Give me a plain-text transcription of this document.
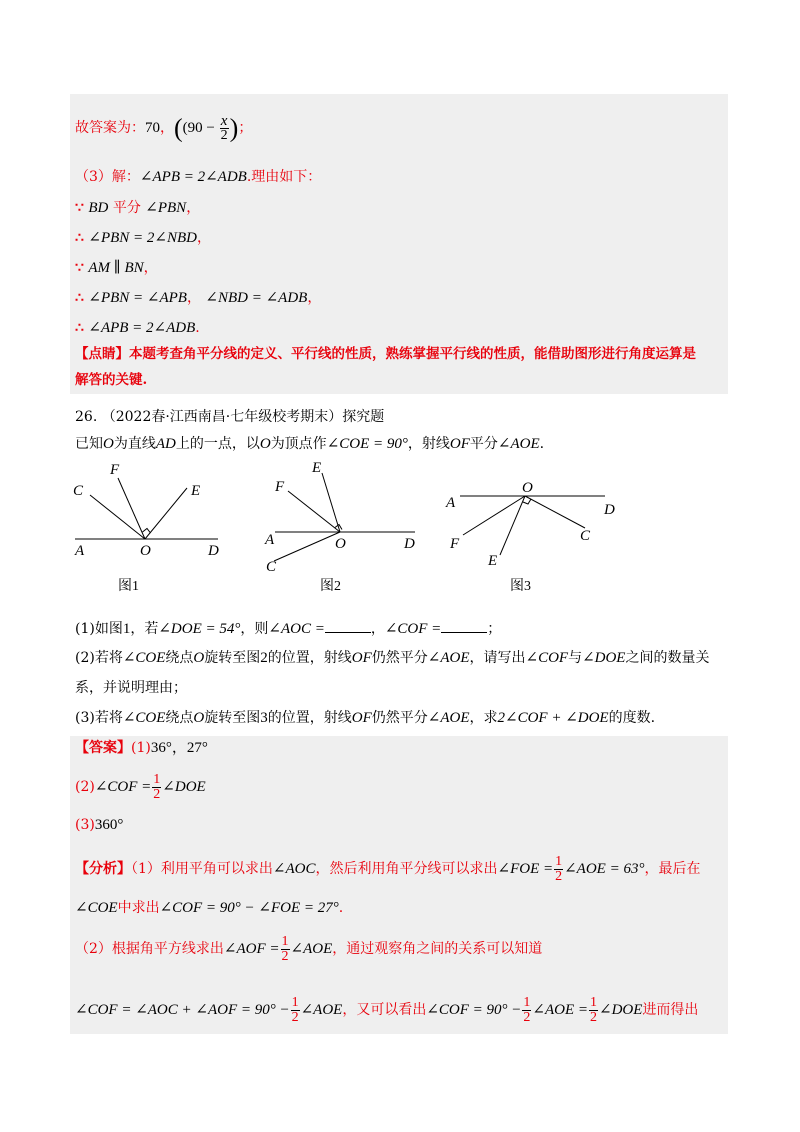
故答案为：70，(($90 - \frac{x}{2}$ )；
（3）解：∠APB = 2∠ADB.理由如下：
∵ BD 平分 ∠PBN，
∴ ∠PBN = 2∠NBD，
∵ AM ∥ BN，
∴ ∠PBN = ∠APB， ∠NBD = ∠ADB，
∴ ∠APB = 2∠ADB.
【点睛】本题考查角平分线的定义、平行线的性质，熟练掌握平行线的性质，能借助图形进行角度运算是
解答的关键.
26. （2022春·江西南昌·七年级校考期末）探究题
已知O为直线AD上的一点，以O为顶点作∠COE = 90°，射线OF平分∠AOE.
C
F
E
A	O	D
E
F
A	O	D
C
A
O
D
F
E
C
图1	图2	图3
(1)如图1，若∠DOE = 54°，则∠AOC =	，∠COF =	；
(2)若将∠COE绕点O旋转至图2的位置，射线OF仍然平分∠AOE，请写出∠COF与∠DOE之间的数量关
系，并说明理由；
(3)若将∠COE绕点O旋转至图3的位置，射线OF仍然平分∠AOE，求2∠COF + ∠DOE的度数.
【答案】(1)36°，27°
(2)∠COF = $\frac{1}{2}$ ∠DOE
(3)360°
【分析】（1）利用平角可以求出∠AOC，然后利用角平分线可以求出∠FOE = $\frac{1}{2}$ ∠AOE = 63°，最后在
∠COE中求出∠COF = 90° − ∠FOE = 27°.
（2）根据角平方线求出∠AOF = $\frac{1}{2}$ ∠AOE，通过观察角之间的关系可以知道
∠COF = ∠AOC + ∠AOF = $90^\circ - \frac{1}{2}$ ∠AOE，又可以看出∠COF = $90^\circ - \frac{1}{2}$ ∠AOE = $\frac{1}{2}$ ∠DOE进而得出
